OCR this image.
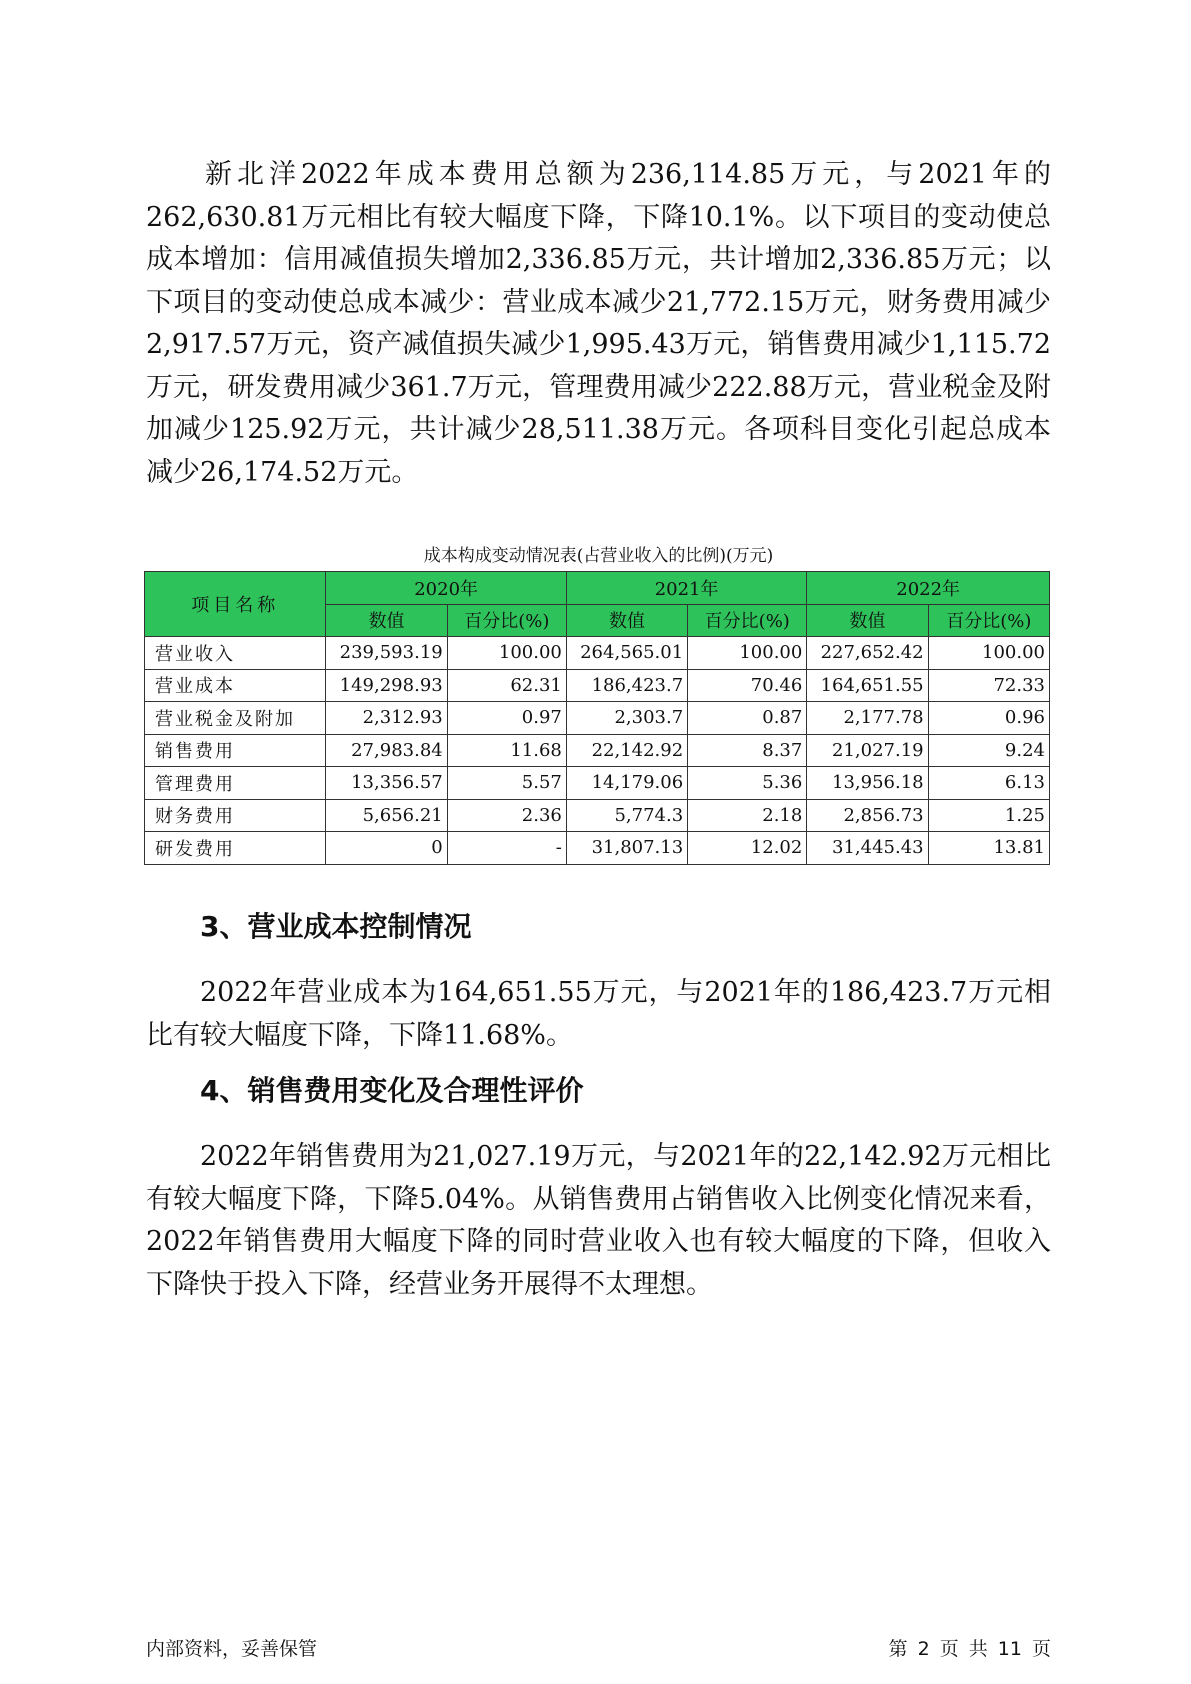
新北洋2022年成本费用总额为236,114.85万元，与2021年的262,630.81万元相比有较大幅度下降，下降10.1%。以下项目的变动使总成本增加：信用减值损失增加2,336.85万元，共计增加2,336.85万元；以下项目的变动使总成本减少：营业成本减少21,772.15万元，财务费用减少2,917.57万元，资产减值损失减少1,995.43万元，销售费用减少1,115.72万元，研发费用减少361.7万元，管理费用减少222.88万元，营业税金及附加减少125.92万元，共计减少28,511.38万元。各项科目变化引起总成本减少26,174.52万元。

成本构成变动情况表(占营业收入的比例)(万元)
项目名称	2020年		2021年		2022年	
	数值	百分比(%)	数值	百分比(%)	数值	百分比(%)
营业收入	239,593.19	100.00	264,565.01	100.00	227,652.42	100.00
营业成本	149,298.93	62.31	186,423.7	70.46	164,651.55	72.33
营业税金及附加	2,312.93	0.97	2,303.7	0.87	2,177.78	0.96
销售费用	27,983.84	11.68	22,142.92	8.37	21,027.19	9.24
管理费用	13,356.57	5.57	14,179.06	5.36	13,956.18	6.13
财务费用	5,656.21	2.36	5,774.3	2.18	2,856.73	1.25
研发费用	0	-	31,807.13	12.02	31,445.43	13.81
3、营业成本控制情况

2022年营业成本为164,651.55万元，与2021年的186,423.7万元相比有较大幅度下降，下降11.68%。

4、销售费用变化及合理性评价

2022年销售费用为21,027.19万元，与2021年的22,142.92万元相比有较大幅度下降，下降5.04%。从销售费用占销售收入比例变化情况来看，2022年销售费用大幅度下降的同时营业收入也有较大幅度的下降，但收入下降快于投入下降，经营业务开展得不太理想。

内部资料，妥善保管	第 2 页 共 11 页
